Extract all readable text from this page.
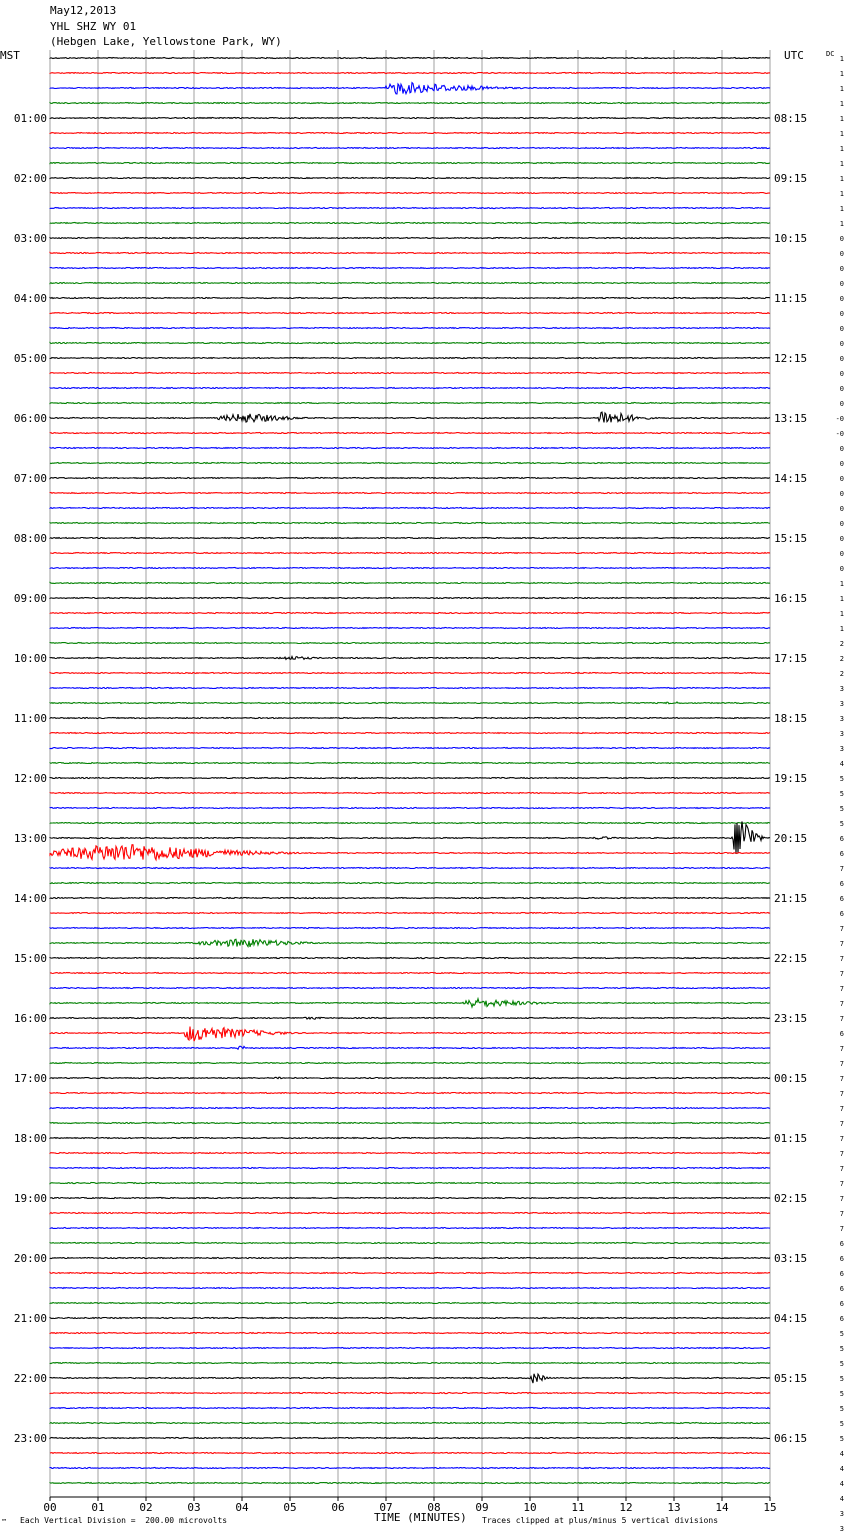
May12,2013
YHL SHZ WY 01
(Hebgen Lake, Yellowstone Park, WY)
MST	UTC	DC
00	01	02	03	04	05	06	07	08	09	10	11	12	13	14	15
01:00
02:00
03:00
04:00
05:00
06:00
07:00
08:00
09:00
10:00
11:00
12:00
13:00
14:00
15:00
16:00
17:00
18:00
19:00
20:00
21:00
22:00
23:00
08:15
09:15
10:15
11:15
12:15
13:15
14:15
15:15
16:15
17:15
18:15
19:15
20:15
21:15
22:15
23:15
00:15
01:15
02:15
03:15
04:15
05:15
06:15
1
1
1
1
1
1
1
1
1
1
1
1
0
0
0
0
0
0
0
0
0
0
0
0
-0
-0
0
0
0
0
0
0
0
0
0
1
1
1
1
2
2
2
3
3
3
3
3
4
5
5
5
5
6
6
7
6
6
6
7
7
7
7
7
7
7
6
7
7
7
7
7
7
7
7
7
7
7
7
7
6
6
6
6
6
6
5
5
5
5
5
5
5
5
4
4
4
4
3
3
™ Each Vertical Division =  200.00 microvolts	TIME (MINUTES) Traces clipped at plus/minus 5 vertical divisions
